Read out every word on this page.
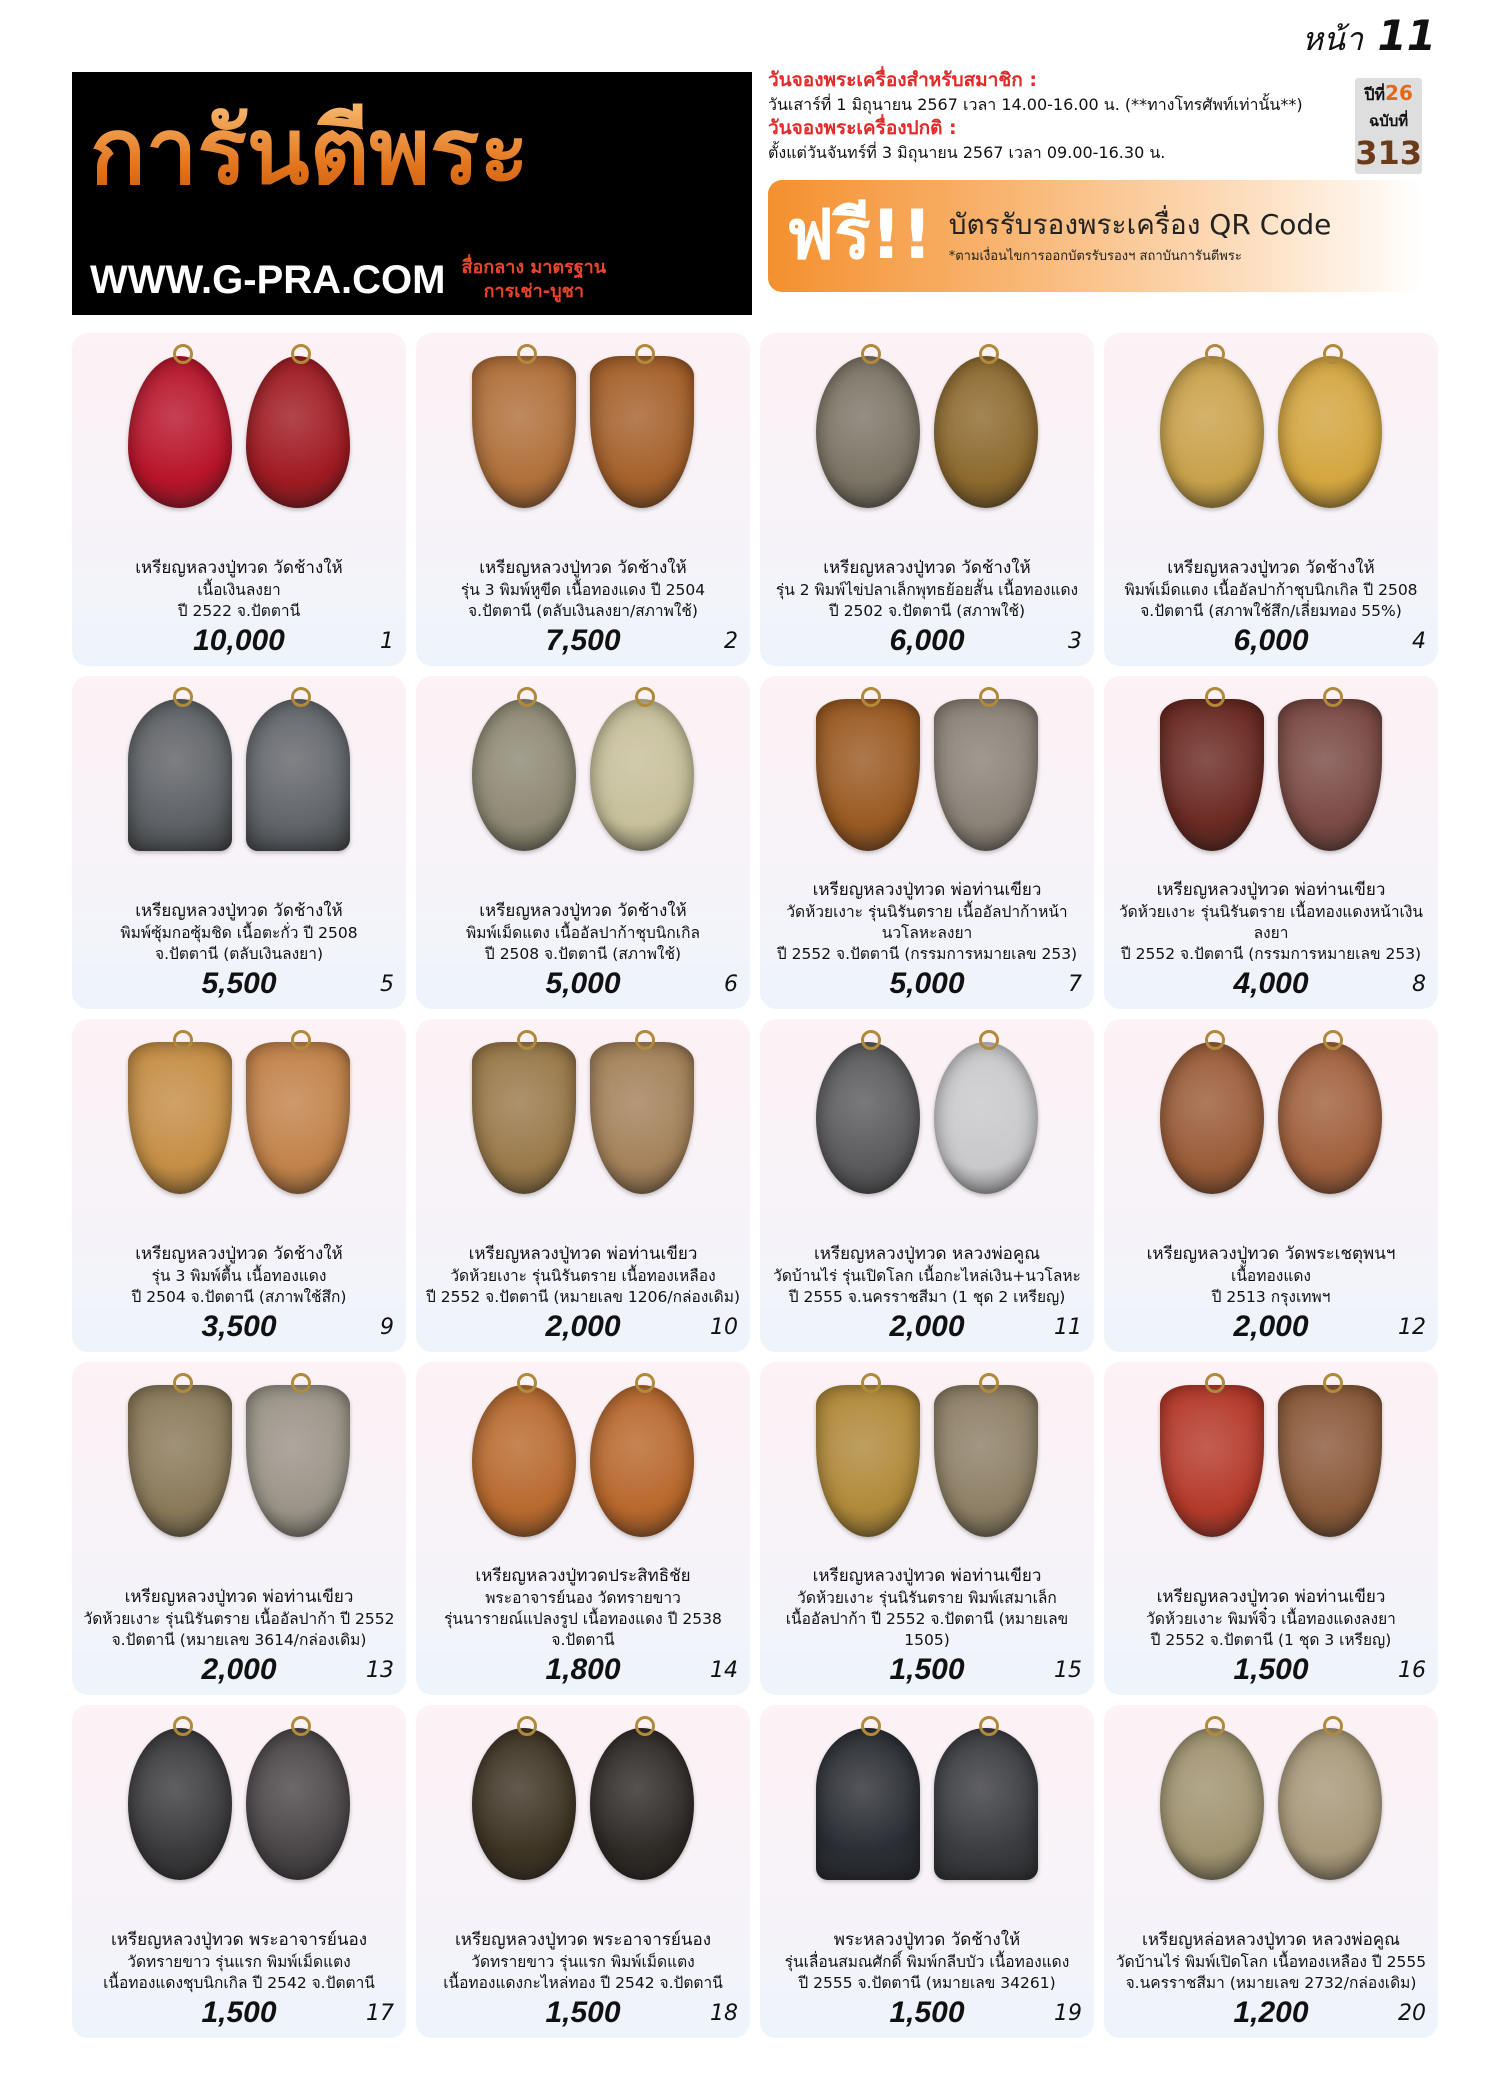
หน้า 11
การันตีพระ
WWW.G-PRA.COM สื่อกลาง มาตรฐาน
การเช่า-บูชา
วันจองพระเครื่องสำหรับสมาชิก :
วันเสาร์ที่ 1 มิถุนายน 2567 เวลา 14.00-16.00 น. (**ทางโทรศัพท์เท่านั้น**)
วันจองพระเครื่องปกติ :
ตั้งแต่วันจันทร์ที่ 3 มิถุนายน 2567 เวลา 09.00-16.30 น.
ปีที่26
ฉบับที่
313
ฟรี!! บัตรรับรองพระเครื่อง QR Code
*ตามเงื่อนไขการออกบัตรรับรองฯ สถาบันการันตีพระ
เหรียญหลวงปู่ทวด วัดช้างให้
เนื้อเงินลงยา
ปี 2522 จ.ปัตตานี
10,000	1
เหรียญหลวงปู่ทวด วัดช้างให้
รุ่น 3 พิมพ์หูขีด เนื้อทองแดง ปี 2504
จ.ปัตตานี (ตลับเงินลงยา/สภาพใช้)
7,500	2
เหรียญหลวงปู่ทวด วัดช้างให้
รุ่น 2 พิมพ์ไข่ปลาเล็กพุทธย้อยสั้น เนื้อทองแดง
ปี 2502 จ.ปัตตานี (สภาพใช้)
6,000	3
เหรียญหลวงปู่ทวด วัดช้างให้
พิมพ์เม็ดแตง เนื้ออัลปาก้าชุบนิกเกิล ปี 2508
จ.ปัตตานี (สภาพใช้สึก/เลี่ยมทอง 55%)
6,000	4
เหรียญหลวงปู่ทวด วัดช้างให้
พิมพ์ซุ้มกอซุ้มชิด เนื้อตะกั่ว ปี 2508
จ.ปัตตานี (ตลับเงินลงยา)
5,500	5
เหรียญหลวงปู่ทวด วัดช้างให้
พิมพ์เม็ดแตง เนื้ออัลปาก้าชุบนิกเกิล
ปี 2508 จ.ปัตตานี (สภาพใช้)
5,000	6
เหรียญหลวงปู่ทวด พ่อท่านเขียว
วัดห้วยเงาะ รุ่นนิรันตราย เนื้ออัลปาก้าหน้านวโลหะลงยา
ปี 2552 จ.ปัตตานี (กรรมการหมายเลข 253)
5,000	7
เหรียญหลวงปู่ทวด พ่อท่านเขียว
วัดห้วยเงาะ รุ่นนิรันตราย เนื้อทองแดงหน้าเงินลงยา
ปี 2552 จ.ปัตตานี (กรรมการหมายเลข 253)
4,000	8
เหรียญหลวงปู่ทวด วัดช้างให้
รุ่น 3 พิมพ์ตื้น เนื้อทองแดง
ปี 2504 จ.ปัตตานี (สภาพใช้สึก)
3,500	9
เหรียญหลวงปู่ทวด พ่อท่านเขียว
วัดห้วยเงาะ รุ่นนิรันตราย เนื้อทองเหลือง
ปี 2552 จ.ปัตตานี (หมายเลข 1206/กล่องเดิม)
2,000	10
เหรียญหลวงปู่ทวด หลวงพ่อคูณ
วัดบ้านไร่ รุ่นเปิดโลก เนื้อกะไหล่เงิน+นวโลหะ
ปี 2555 จ.นครราชสีมา (1 ชุด 2 เหรียญ)
2,000	11
เหรียญหลวงปู่ทวด วัดพระเชตุพนฯ
เนื้อทองแดง
ปี 2513 กรุงเทพฯ
2,000	12
เหรียญหลวงปู่ทวด พ่อท่านเขียว
วัดห้วยเงาะ รุ่นนิรันตราย เนื้ออัลปาก้า ปี 2552
จ.ปัตตานี (หมายเลข 3614/กล่องเดิม)
2,000	13
เหรียญหลวงปู่ทวดประสิทธิชัย
พระอาจารย์นอง วัดทรายขาว
รุ่นนารายณ์แปลงรูป เนื้อทองแดง ปี 2538 จ.ปัตตานี
1,800	14
เหรียญหลวงปู่ทวด พ่อท่านเขียว
วัดห้วยเงาะ รุ่นนิรันตราย พิมพ์เสมาเล็ก
เนื้ออัลปาก้า ปี 2552 จ.ปัตตานี (หมายเลข 1505)
1,500	15
เหรียญหลวงปู่ทวด พ่อท่านเขียว
วัดห้วยเงาะ พิมพ์จิ๋ว เนื้อทองแดงลงยา
ปี 2552 จ.ปัตตานี (1 ชุด 3 เหรียญ)
1,500	16
เหรียญหลวงปู่ทวด พระอาจารย์นอง
วัดทรายขาว รุ่นแรก พิมพ์เม็ดแตง
เนื้อทองแดงชุบนิกเกิล ปี 2542 จ.ปัตตานี
1,500	17
เหรียญหลวงปู่ทวด พระอาจารย์นอง
วัดทรายขาว รุ่นแรก พิมพ์เม็ดแตง
เนื้อทองแดงกะไหล่ทอง ปี 2542 จ.ปัตตานี
1,500	18
พระหลวงปู่ทวด วัดช้างให้
รุ่นเลื่อนสมณศักดิ์ พิมพ์กลีบบัว เนื้อทองแดง
ปี 2555 จ.ปัตตานี (หมายเลข 34261)
1,500	19
เหรียญหล่อหลวงปู่ทวด หลวงพ่อคูณ
วัดบ้านไร่ พิมพ์เปิดโลก เนื้อทองเหลือง ปี 2555
จ.นครราชสีมา (หมายเลข 2732/กล่องเดิม)
1,200	20
